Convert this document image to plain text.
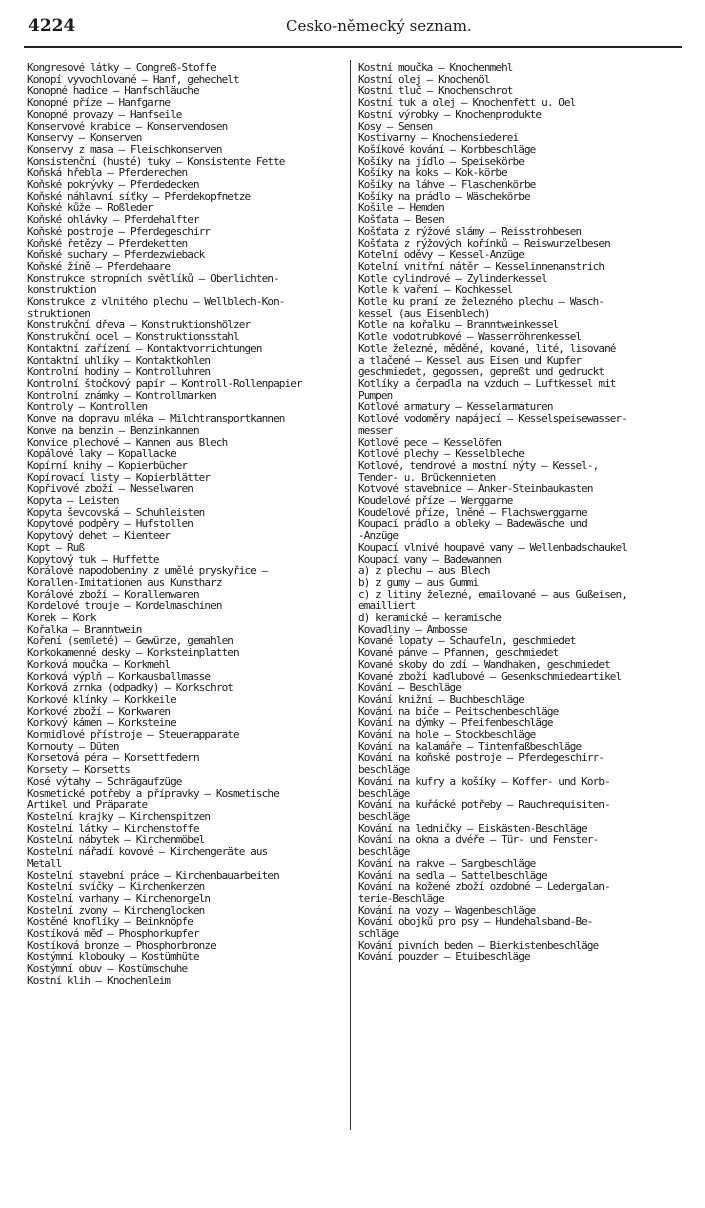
4224	Cesko-německý seznam.
Kongresové látky — Congreß-Stoffe
Konopí vyvochlované — Hanf, gehechelt
Konopné hadice — Hanfschläuche
Konopné příze — Hanfgarne
Konopné provazy — Hanfseile
Konservové krabice — Konservendosen
Konservy — Konserven
Konservy z masa — Fleischkonserven
Konsistenční (husté) tuky — Konsistente Fette
Koňská hřebla — Pferderechen
Koňské pokrývky — Pferdedecken
Koňské náhlavní síťky — Pferdekopfnetze
Koňské kůže — Roßleder
Koňské ohlávky — Pferdehalfter
Koňské postroje — Pferdegeschirr
Koňské řetězy — Pferdeketten
Koňské suchary — Pferdezwieback
Koňské žíně — Pferdehaare
Konstrukce stropních světlíků — Oberlichten-
konstruktion
Konstrukce z vlnitého plechu — Wellblech-Kon-
struktionen
Konstrukční dřeva — Konstruktionshölzer
Konstrukční ocel — Konstruktionsstahl
Kontaktní zařízení — Kontaktvorrichtungen
Kontaktní uhlíky — Kontaktkohlen
Kontrolní hodiny — Kontrolluhren
Kontrolní štočkový papír — Kontroll-Rollenpapier
Kontrolní známky — Kontrollmarken
Kontroly — Kontrollen
Konve na dopravu mléka — Milchtransportkannen
Konve na benzin — Benzinkannen
Konvice plechové — Kannen aus Blech
Kopálové laky — Kopallacke
Kopírní knihy — Kopierbücher
Kopírovací listy — Kopierblätter
Kopřivové zboží — Nesselwaren
Kopyta — Leisten
Kopyta ševcovská — Schuhleisten
Kopytové podpěry — Hufstollen
Kopytový dehet — Kienteer
Kopt — Ruß
Kopytový tuk — Huffette
Korálové napodobeniny z umělé pryskyřice —
Korallen-Imitationen aus Kunstharz
Korálové zboží — Korallenwaren
Kordelové trouje — Kordelmaschinen
Korek — Kork
Kořalka — Branntwein
Koření (semleté) — Gewürze, gemahlen
Korkokamenné desky — Korksteinplatten
Korková moučka — Korkmehl
Korková výplň — Korkausballmasse
Korková zrnka (odpadky) — Korkschrot
Korkové klínky — Korkkeile
Korkové zboží — Korkwaren
Korkový kámen — Korksteine
Kormidlové přístroje — Steuerapparate
Kornouty — Düten
Korsetová péra — Korsettfedern
Korsety — Korsetts
Kosé výtahy — Schrägaufzüge
Kosmetické potřeby a přípravky — Kosmetische
Artikel und Präparate
Kostelní krajky — Kirchenspitzen
Kostelní látky — Kirchenstoffe
Kostelní nábytek — Kirchenmöbel
Kostelní nářadí kovové — Kirchengeräte aus
Metall
Kostelní stavební práce — Kirchenbauarbeiten
Kostelní svíčky — Kirchenkerzen
Kostelní varhany — Kirchenorgeln
Kostelní zvony — Kirchenglocken
Kostěné knoflíky — Beinknöpfe
Kostíková měď — Phosphorkupfer
Kostíková bronze — Phosphorbronze
Kostýmní klobouky — Kostümhüte
Kostýmní obuv — Kostümschuhe
Kostní klih — Knochenleim
Kostní moučka — Knochenmehl
Kostní olej — Knochenöl
Kostní tluč — Knochenschrot
Kostní tuk a olej — Knochenfett u. Oel
Kostní výrobky — Knochenprodukte
Kosy — Sensen
Kostivarny — Knochensiederei
Košíkové kování — Korbbeschläge
Košíky na jídlo — Speisekörbe
Košíky na koks — Kok-körbe
Košíky na láhve — Flaschenkörbe
Košíky na prádlo — Wäschekörbe
Košile — Hemden
Košťata — Besen
Košťata z rýžové slámy — Reisstrohbesen
Košťata z rýžových kořínků — Reiswurzelbesen
Kotelní oděvy — Kessel-Anzüge
Kotelní vnitřní nátěr — Kesselinnenanstrich
Kotle cylindrové — Zylinderkessel
Kotle k vaření — Kochkessel
Kotle ku praní ze železného plechu — Wasch-
kessel (aus Eisenblech)
Kotle na kořalku — Branntweinkessel
Kotle vodotrubkové — Wasserröhrenkessel
Kotle železné, měděné, kované, lité, lisované
a tlačené — Kessel aus Eisen und Kupfer
geschmiedet, gegossen, gepreßt und gedruckt
Kotlíky a čerpadla na vzduch — Luftkessel mit
Pumpen
Kotlové armatury — Kesselarmaturen
Kotlové vodoměry napájecí — Kesselspeisewasser-
messer
Kotlové pece — Kesselöfen
Kotlové plechy — Kesselbleche
Kotlové, tendrové a mostní nýty — Kessel-,
Tender- u. Brückennieten
Kotvové stavebnice — Anker-Steinbaukasten
Koudelové příze — Werggarne
Koudelové příze, lněné — Flachswerggarne
Koupací prádlo a obleky — Badewäsche und
-Anzüge
Koupací vlnivé houpavé vany — Wellenbadschaukel
Koupací vany — Badewannen
a) z plechu — aus Blech
b) z gumy — aus Gummi
c) z litiny železné, emailované — aus Gußeisen,
emailliert
d) keramické — keramische
Kovadliny — Ambosse
Kované lopaty — Schaufeln, geschmiedet
Kované pánve — Pfannen, geschmiedet
Kované skoby do zdí — Wandhaken, geschmiedet
Kované zboží kadlubové — Gesenkschmiedeartikel
Kování — Beschläge
Kování knižní — Buchbeschläge
Kování na biče — Peitschenbeschläge
Kování na dýmky — Pfeifenbeschläge
Kování na hole — Stockbeschläge
Kování na kalamáře — Tintenfaßbeschläge
Kování na koňské postroje — Pferdegeschirr-
beschläge
Kování na kufry a košíky — Koffer- und Korb-
beschläge
Kování na kuřácké potřeby — Rauchrequisiten-
beschläge
Kování na ledničky — Eiskästen-Beschläge
Kování na okna a dvéře — Tür- und Fenster-
beschläge
Kování na rakve — Sargbeschläge
Kování na sedla — Sattelbeschläge
Kování na kožené zboží ozdobné — Ledergalan-
terie-Beschläge
Kování na vozy — Wagenbeschläge
Kování obojků pro psy — Hundehalsband-Be-
schläge
Kování pivních beden — Bierkistenbeschläge
Kování pouzder — Etuibeschläge
